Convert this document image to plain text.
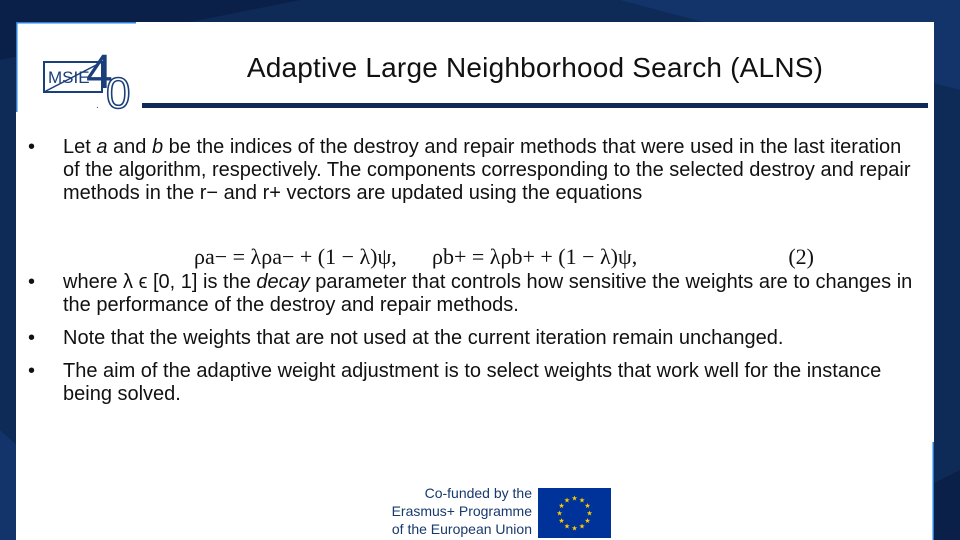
MSIE
4
. 0
Adaptive Large Neighborhood Search (ALNS)
• Let a and b be the indices of the destroy and repair methods that were used in the last iteration of the algorithm, respectively. The components corresponding to the selected destroy and repair methods in the r− and r+ vectors are updated using the equations
• where λ ϵ [0, 1] is the decay parameter that controls how sensitive the weights are to changes in the performance of the destroy and repair methods.
• Note that the weights that are not used at the current iteration remain unchanged.
• The aim of the adaptive weight adjustment is to select weights that work well for the instance being solved.
ρa− = λρa− + (1 − λ)ψ, ρb+ = λρb+ + (1 − λ)ψ,	(2)
Co-funded by the
Erasmus+ Programme
of the European Union
★ ★
★
★
★
★
★
★
★
★
★
★
